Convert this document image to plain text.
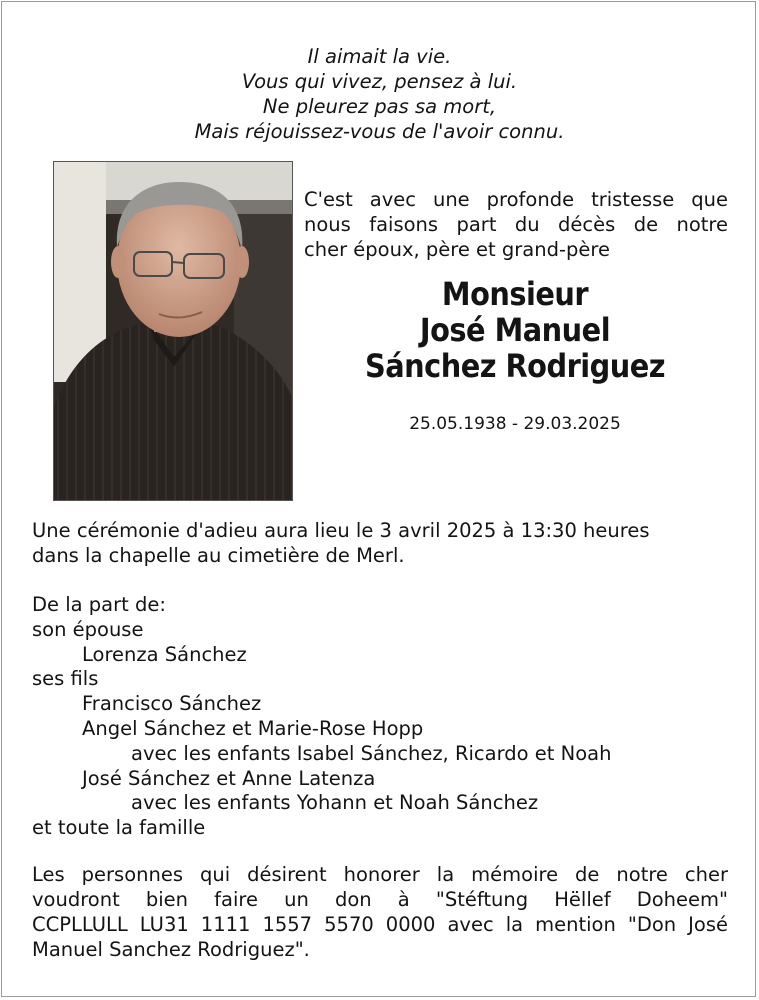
Il aimait la vie.
Vous qui vivez, pensez à lui.
Ne pleurez pas sa mort,
Mais réjouissez-vous de l'avoir connu.
C'est avec une profonde tristesse que
nous faisons part du décès de notre
cher époux, père et grand-père
Monsieur
José Manuel
Sánchez Rodriguez
25.05.1938 - 29.03.2025
Une cérémonie d'adieu aura lieu le 3 avril 2025 à 13:30 heures
dans la chapelle au cimetière de Merl.
De la part de:
son épouse
Lorenza Sánchez
ses fils
Francisco Sánchez
Angel Sánchez et Marie-Rose Hopp
avec les enfants Isabel Sánchez, Ricardo et Noah
José Sánchez et Anne Latenza
avec les enfants Yohann et Noah Sánchez
et toute la famille
Les personnes qui désirent honorer la mémoire de notre cher
voudront bien faire un don à "Stéftung Hëllef Doheem"
CCPLLULL LU31 1111 1557 5570 0000 avec la mention "Don José
Manuel Sanchez Rodriguez".
